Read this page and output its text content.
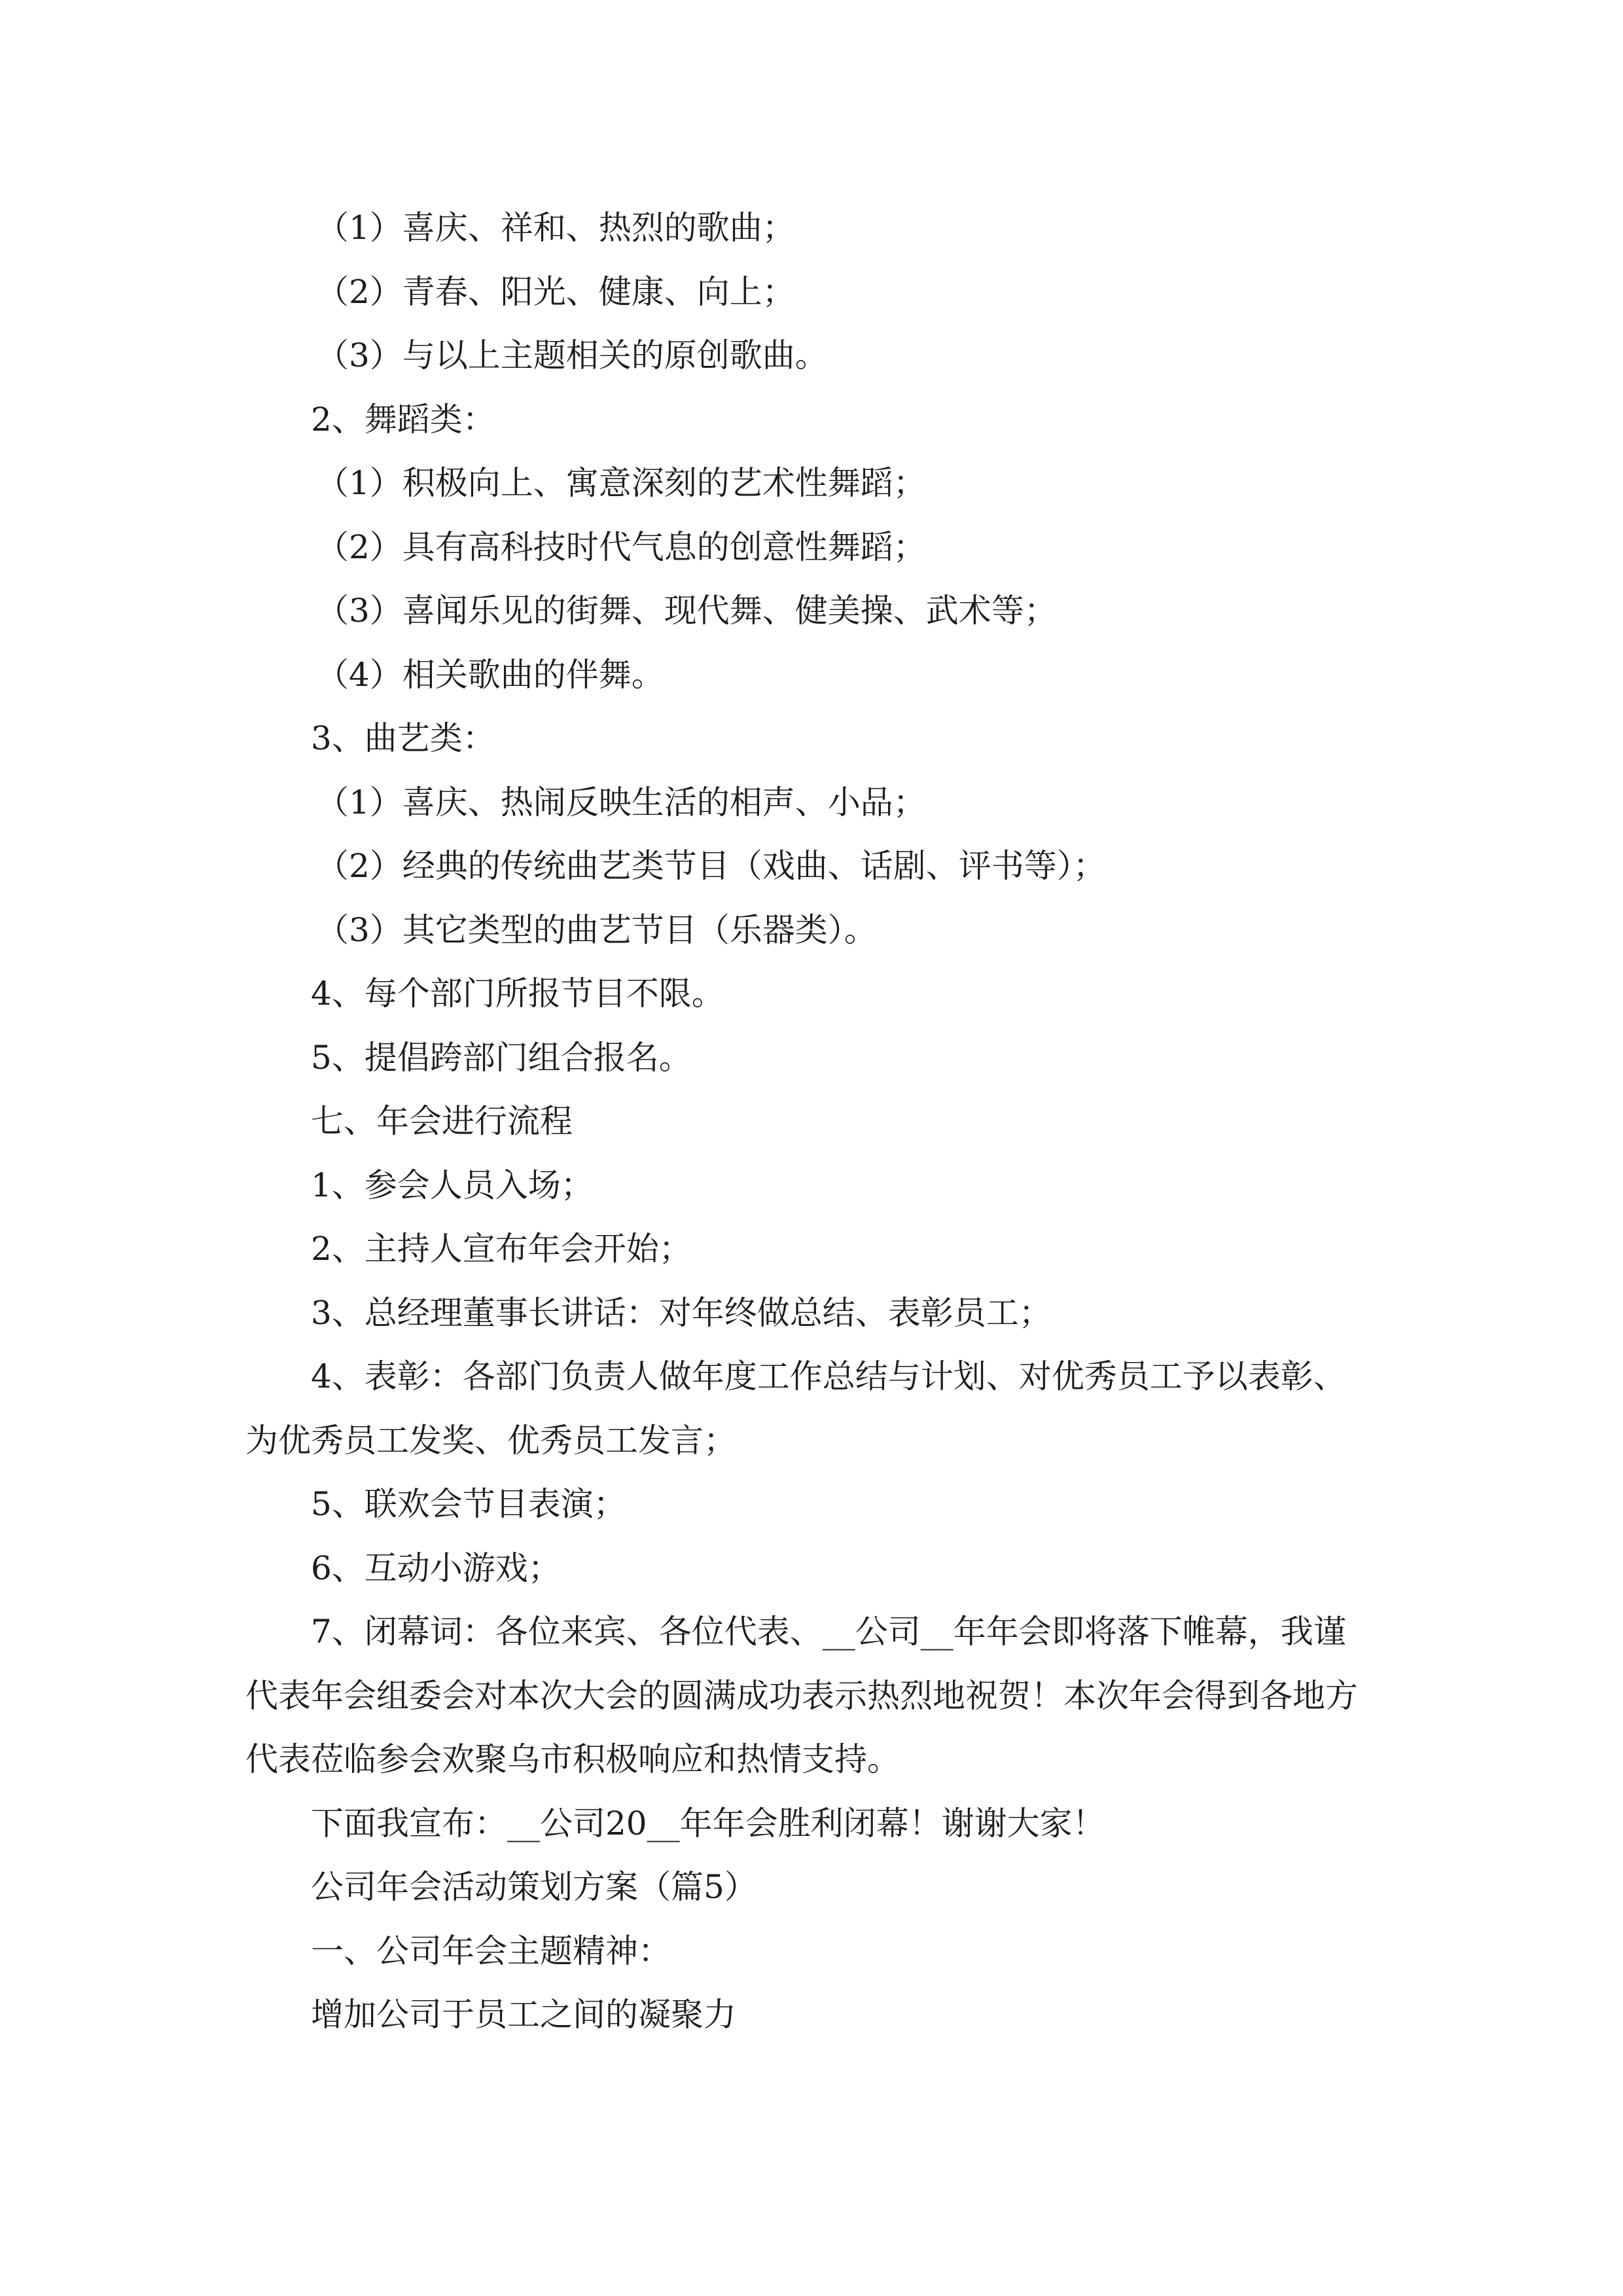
（1）喜庆、祥和、热烈的歌曲；

（2）青春、阳光、健康、向上；

（3）与以上主题相关的原创歌曲。

2、舞蹈类：

（1）积极向上、寓意深刻的艺术性舞蹈；

（2）具有高科技时代气息的创意性舞蹈；

（3）喜闻乐见的街舞、现代舞、健美操、武术等；

（4）相关歌曲的伴舞。

3、曲艺类：

（1）喜庆、热闹反映生活的相声、小品；

（2）经典的传统曲艺类节目（戏曲、话剧、评书等）；

（3）其它类型的曲艺节目（乐器类）。

4、每个部门所报节目不限。

5、提倡跨部门组合报名。

七、年会进行流程

1、参会人员入场；

2、主持人宣布年会开始；

3、总经理董事长讲话：对年终做总结、表彰员工；

4、表彰：各部门负责人做年度工作总结与计划、对优秀员工予以表彰、为优秀员工发奖、优秀员工发言；

5、联欢会节目表演；

6、互动小游戏；

7、闭幕词：各位来宾、各位代表、__公司__年年会即将落下帷幕，我谨代表年会组委会对本次大会的圆满成功表示热烈地祝贺！本次年会得到各地方代表莅临参会欢聚乌市积极响应和热情支持。

下面我宣布：__公司20__年年会胜利闭幕！谢谢大家！

公司年会活动策划方案（篇5）

一、公司年会主题精神：

增加公司于员工之间的凝聚力
